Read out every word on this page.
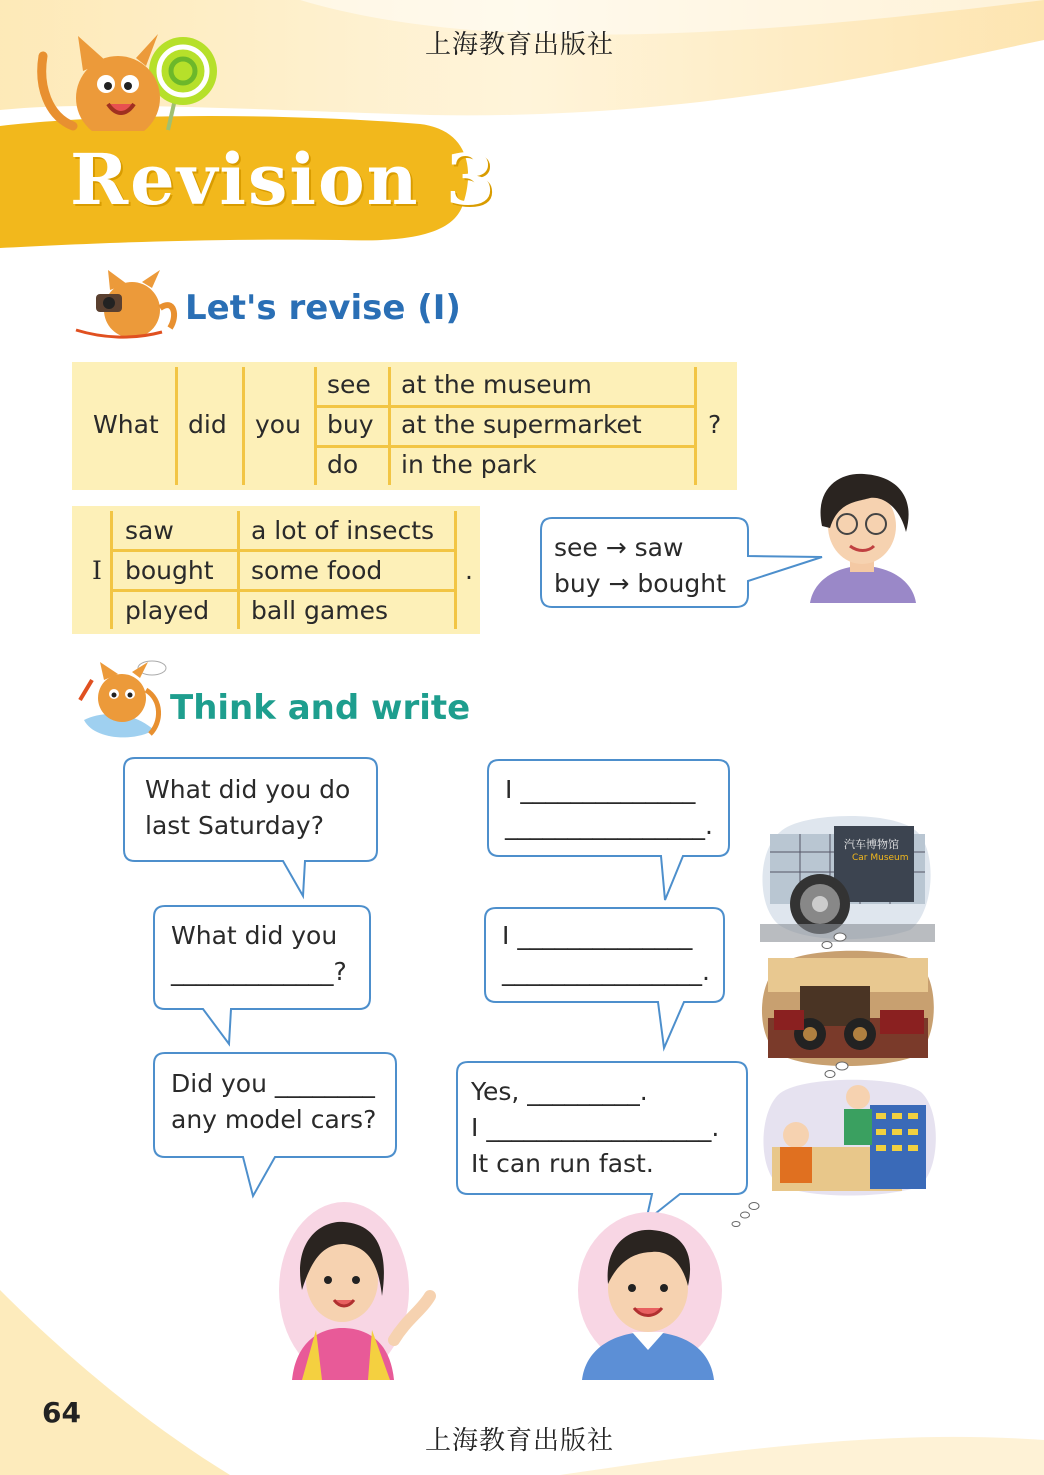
上海教育出版社
Revision 3
Let's revise (I)
What did you
see
buy
do
at the museum
at the supermarket
in the park
?
I
saw
bought
played
a lot of insects
some food
ball games
.
see → saw
buy → bought
Think and write
What did you do
last Saturday?
What did you
_____________?
Did you ________
any model cars?
I ______________
________________.
I ______________
________________.
Yes, _________.
I __________________.
It can run fast.
汽车博物馆
Car Museum
64
上海教育出版社
